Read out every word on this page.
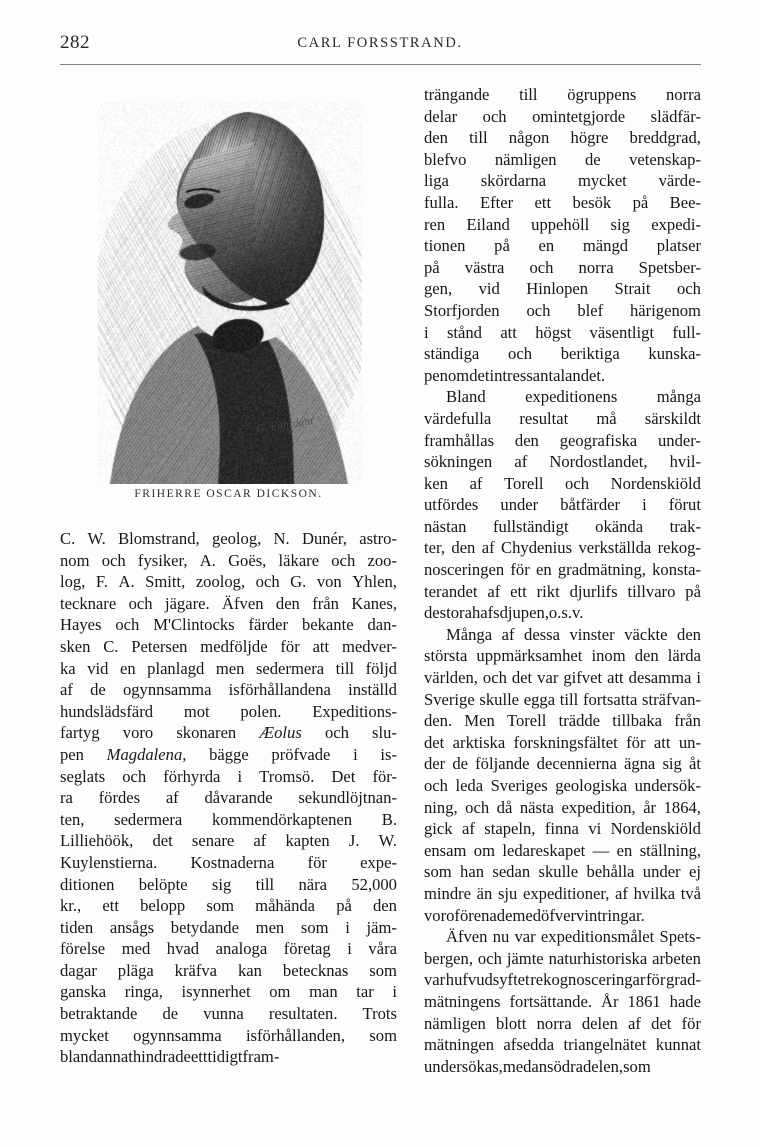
282	CARL FORSSTRAND.
G. Fahrdant
FRIHERRE OSCAR DICKSON.
C. W. Blomstrand, geolog, N. Dunér, astro-
nom och fysiker, A. Goës, läkare och zoo-
log, F. A. Smitt, zoolog, och G. von Yhlen,
tecknare och jägare. Äfven den från Kanes,
Hayes och M'Clintocks färder bekante dan-
sken C. Petersen medföljde för att medver-
ka vid en planlagd men sedermera till följd
af de ogynnsamma isförhållandena inställd
hundslädsfärd mot polen. Expeditions-
fartyg voro skonaren Æolus och slu-
pen Magdalena, bägge pröfvade i is-
seglats och förhyrda i Tromsö. Det för-
ra fördes af dåvarande sekundlöjtnan-
ten, sedermera kommendörkaptenen B.
Lilliehöök, det senare af kapten J. W.
Kuylenstierna. Kostnaderna för expe-
ditionen belöpte sig till nära 52,000
kr., ett belopp som måhända på den
tiden ansågs betydande men som i jäm-
förelse med hvad analoga företag i våra
dagar pläga kräfva kan betecknas som
ganska ringa, isynnerhet om man tar i
betraktande de vunna resultaten. Trots
mycket ogynnsamma isförhållanden, som
bland annat hindrade ett tidigt fram-
trängande till ögruppens norra
delar och omintetgjorde slädfär-
den till någon högre breddgrad,
blefvo nämligen de vetenskap-
liga skördarna mycket värde-
fulla. Efter ett besök på Bee-
ren Eiland uppehöll sig expedi-
tionen på en mängd platser
på västra och norra Spetsber-
gen, vid Hinlopen Strait och
Storfjorden och blef härigenom
i stånd att högst väsentligt full-
ständiga och beriktiga kunska-
pen om det intressanta landet.
Bland expeditionens många
värdefulla resultat må särskildt
framhållas den geografiska under-
sökningen af Nordostlandet, hvil-
ken af Torell och Nordenskiöld
utfördes under båtfärder i förut
nästan fullständigt okända trak-
ter, den af Chydenius verkställda rekog-
nosceringen för en gradmätning, konsta-
terandet af ett rikt djurlifs tillvaro på
de stora hafsdjupen, o. s. v.
Många af dessa vinster väckte den
största uppmärksamhet inom den lärda
världen, och det var gifvet att desamma i
Sverige skulle egga till fortsatta sträfvan-
den. Men Torell trädde tillbaka från
det arktiska forskningsfältet för att un-
der de följande decennierna ägna sig åt
och leda Sveriges geologiska undersök-
ning, och då nästa expedition, år 1864,
gick af stapeln, finna vi Nordenskiöld
ensam om ledareskapet — en ställning,
som han sedan skulle behålla under ej
mindre än sju expeditioner, af hvilka två
voro förenade med öfvervintringar.
Äfven nu var expeditionsmålet Spets-
bergen, och jämte naturhistoriska arbeten
var hufvudsyftet rekognosceringar för grad-
mätningens fortsättande. År 1861 hade
nämligen blott norra delen af det för
mätningen afsedda triangelnätet kunnat
undersökas, medan södra delen, som
